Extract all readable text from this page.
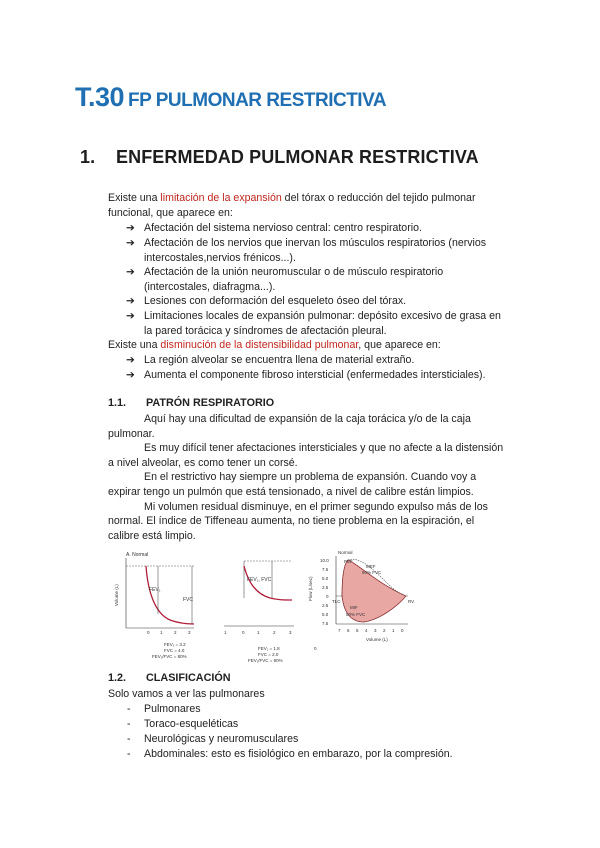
T.30 FP PULMONAR RESTRICTIVA
1. ENFERMEDAD PULMONAR RESTRICTIVA
Existe una limitación de la expansión del tórax o reducción del tejido pulmonar
funcional, que aparece en:
➔ Afectación del sistema nervioso central: centro respiratorio.
➔ Afectación de los nervios que inervan los músculos respiratorios (nervios
intercostales,nervios frénicos...).
➔ Afectación de la unión neuromuscular o de músculo respiratorio
(intercostales, diafragma...).
➔ Lesiones con deformación del esqueleto óseo del tórax.
➔ Limitaciones locales de expansión pulmonar: depósito excesivo de grasa en
la pared torácica y síndromes de afectación pleural.
Existe una disminución de la distensibilidad pulmonar, que aparece en:
➔ La región alveolar se encuentra llena de material extraño.
➔ Aumenta el componente fibroso intersticial (enfermedades intersticiales).
1.1. PATRÓN RESPIRATORIO
Aquí hay una dificultad de expansión de la caja torácica y/o de la caja
pulmonar.
Es muy difícil tener afectaciones intersticiales y que no afecte a la distensión
a nivel alveolar, es como tener un corsé.
En el restrictivo hay siempre un problema de expansión. Cuando voy a
expirar tengo un pulmón que está tensionado, a nivel de calibre están limpios.
Mi volumen residual disminuye, en el primer segundo expulso más de los
normal. El índice de Tiffeneau aumenta, no tiene problema en la espiración, el
calibre está limpio.
A. Normal
Volume (L)	FEV₁
FVC
0 1	2	3
FEV₁ = 3.2
FVC = 4.0
FEV₁/FVC = 80%
FEV₁, FVC
1	0	1	2	3
FEV₁ = 1.8
FVC = 2.0
FEV₁/FVC = 90%
Flow (L/sec)
Normal
PEF
MEF
50% FVC
TLC	RV
MIF
50% FVC
10.0
7.5
5.0
2.5
0
2.5
5.0
7.5
7 6 5 4 3 2 1 0
Volume (L)
0
1.2. CLASIFICACIÓN
Solo vamos a ver las pulmonares
- Pulmonares
- Toraco-esqueléticas
- Neurológicas y neuromusculares
- Abdominales: esto es fisiológico en embarazo, por la compresión.
